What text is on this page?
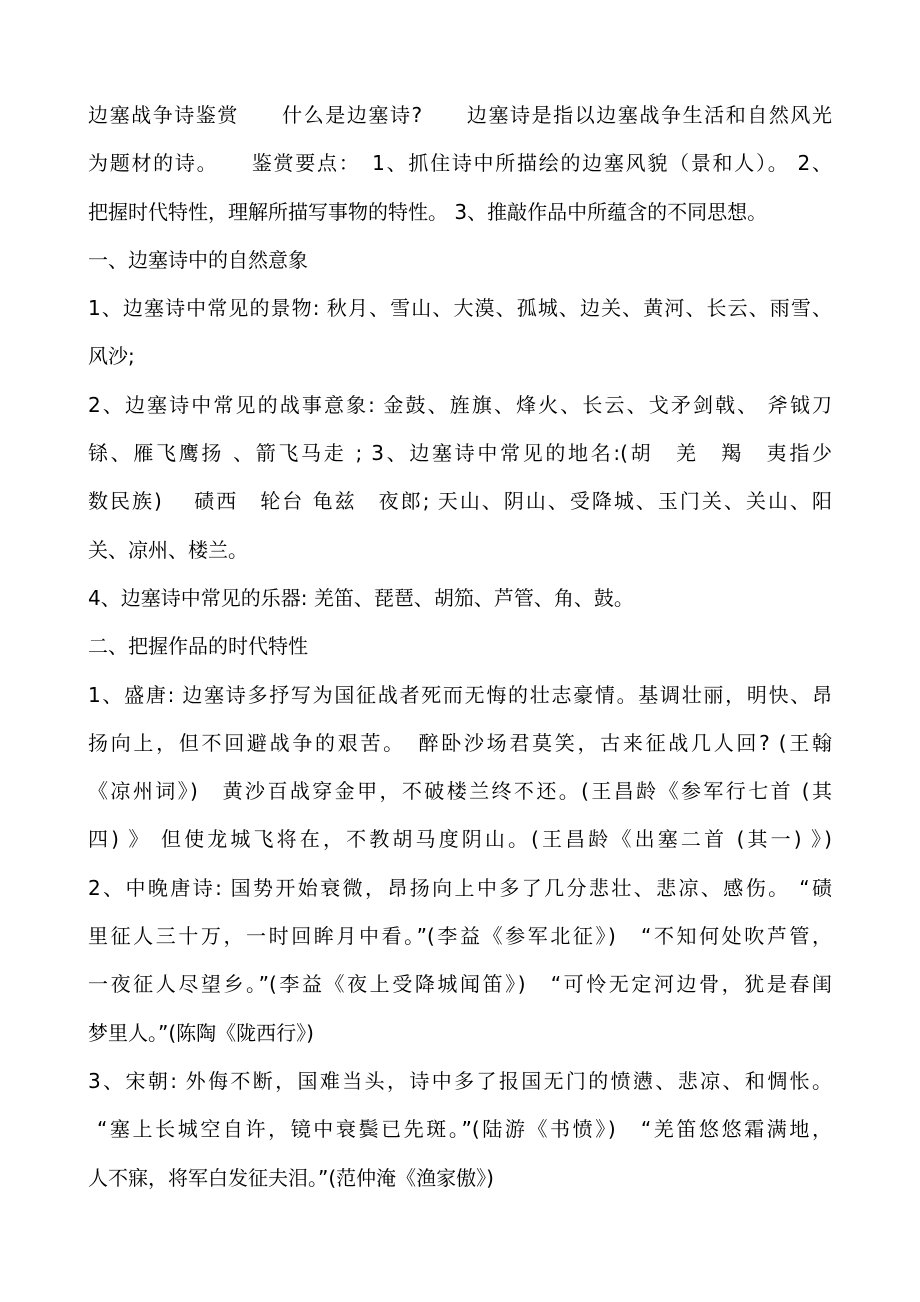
边塞战争诗鉴赏　　什么是边塞诗?　　边塞诗是指以边塞战争生活和自然风光
为题材的诗。　　鉴赏要点：　1、抓住诗中所描绘的边塞风貌（景和人）。 2、
把握时代特性，理解所描写事物的特性。 3、推敲作品中所蕴含的不同思想。
一、边塞诗中的自然意象
1、边塞诗中常见的景物: 秋月、雪山、大漠、孤城、边关、黄河、长云、雨雪、
风沙;
2、边塞诗中常见的战事意象: 金鼓、旌旗、烽火、长云、戈矛剑戟、 斧钺刀
铩、雁飞鹰扬 、箭飞马走 ; 3、边塞诗中常见的地名:(胡　羌　羯　夷指少
数民族)　 碛西　轮台 龟兹　夜郎; 天山、阴山、受降城、玉门关、关山、阳
关、凉州、楼兰。
4、边塞诗中常见的乐器: 羌笛、琵琶、胡笳、芦管、角、鼓。
二、把握作品的时代特性
1、盛唐: 边塞诗多抒写为国征战者死而无悔的壮志豪情。基调壮丽，明快、昂
扬向上，但不回避战争的艰苦。　醉卧沙场君莫笑，古来征战几人回? (王翰
《凉州词》)　黄沙百战穿金甲，不破楼兰终不还。(王昌龄《参军行七首 (其
四) 》 但使龙城飞将在，不教胡马度阴山。(王昌龄《出塞二首 (其一) 》)
2、中晚唐诗: 国势开始衰微，昂扬向上中多了几分悲壮、悲凉、感伤。 “碛
里征人三十万，一时回眸月中看。”(李益《参军北征》)　“不知何处吹芦管，
一夜征人尽望乡。”(李益《夜上受降城闻笛》)　“可怜无定河边骨，犹是春闺
梦里人。”(陈陶《陇西行》)
3、宋朝: 外侮不断，国难当头，诗中多了报国无门的愤懑、悲凉、和惆怅。
“塞上长城空自许，镜中衰鬓已先斑。”(陆游《书愤》)　“羌笛悠悠霜满地，
人不寐，将军白发征夫泪。”(范仲淹《渔家傲》)
